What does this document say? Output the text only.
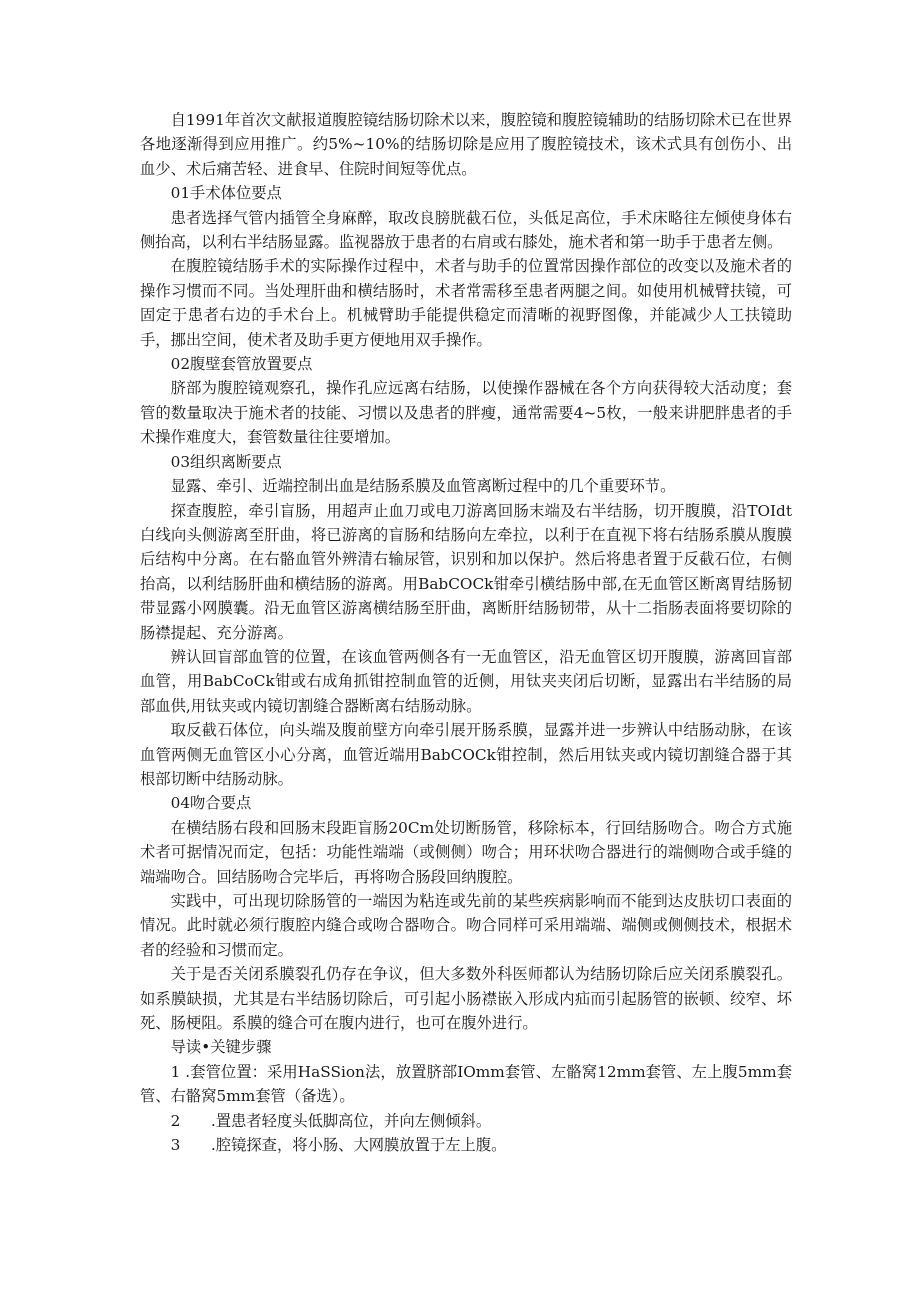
自1991年首次文献报道腹腔镜结肠切除术以来，腹腔镜和腹腔镜辅助的结肠切除术已在世界各地逐渐得到应用推广。约5%~10%的结肠切除是应用了腹腔镜技术，该术式具有创伤小、出血少、术后痛苦轻、进食早、住院时间短等优点。

01手术体位要点

患者选择气管内插管全身麻醉，取改良膀胱截石位，头低足高位，手术床略往左倾使身体右侧抬高，以利右半结肠显露。监视器放于患者的右肩或右膝处，施术者和第一助手于患者左侧。

在腹腔镜结肠手术的实际操作过程中，术者与助手的位置常因操作部位的改变以及施术者的操作习惯而不同。当处理肝曲和横结肠时，术者常需移至患者两腿之间。如使用机械臂扶镜，可固定于患者右边的手术台上。机械臂助手能提供稳定而清晰的视野图像，并能减少人工扶镜助手，挪出空间，使术者及助手更方便地用双手操作。

02腹壁套管放置要点

脐部为腹腔镜观察孔，操作孔应远离右结肠，以使操作器械在各个方向获得较大活动度；套管的数量取决于施术者的技能、习惯以及患者的胖瘦，通常需要4~5枚，一般来讲肥胖患者的手术操作难度大，套管数量往往要增加。

03组织离断要点

显露、牵引、近端控制出血是结肠系膜及血管离断过程中的几个重要环节。

探查腹腔，牵引盲肠，用超声止血刀或电刀游离回肠末端及右半结肠，切开腹膜，沿TOIdt白线向头侧游离至肝曲，将已游离的盲肠和结肠向左牵拉，以利于在直视下将右结肠系膜从腹膜后结构中分离。在右骼血管外辨清右输尿管，识别和加以保护。然后将患者置于反截石位，右侧抬高，以利结肠肝曲和横结肠的游离。用BabCOCk钳牵引横结肠中部,在无血管区断离胃结肠韧带显露小网膜囊。沿无血管区游离横结肠至肝曲，离断肝结肠韧带，从十二指肠表面将要切除的肠襟提起、充分游离。

辨认回盲部血管的位置，在该血管两侧各有一无血管区，沿无血管区切开腹膜，游离回盲部血管，用BabCoCk钳或右成角抓钳控制血管的近侧，用钛夹夹闭后切断，显露出右半结肠的局部血供,用钛夹或内镜切割缝合器断离右结肠动脉。

取反截石体位，向头端及腹前壁方向牵引展开肠系膜，显露并进一步辨认中结肠动脉，在该血管两侧无血管区小心分离，血管近端用BabCOCk钳控制，然后用钛夹或内镜切割缝合器于其根部切断中结肠动脉。

04吻合要点

在横结肠右段和回肠末段距盲肠20Cm处切断肠管，移除标本，行回结肠吻合。吻合方式施术者可据情况而定，包括：功能性端端（或侧侧）吻合；用环状吻合器进行的端侧吻合或手缝的端端吻合。回结肠吻合完毕后，再将吻合肠段回纳腹腔。

实践中，可出现切除肠管的一端因为粘连或先前的某些疾病影响而不能到达皮肤切口表面的情况。此时就必须行腹腔内缝合或吻合器吻合。吻合同样可采用端端、端侧或侧侧技术，根据术者的经验和习惯而定。

关于是否关闭系膜裂孔仍存在争议，但大多数外科医师都认为结肠切除后应关闭系膜裂孔。如系膜缺损，尤其是右半结肠切除后，可引起小肠襟嵌入形成内疝而引起肠管的嵌顿、绞窄、坏死、肠梗阻。系膜的缝合可在腹内进行，也可在腹外进行。

导读•关键步骤

1 .套管位置：采用HaSSion法，放置脐部IOmm套管、左骼窝12mm套管、左上腹5mm套管、右骼窝5mm套管（备选）。

2　　.置患者轻度头低脚高位，并向左侧倾斜。

3　　.腔镜探查，将小肠、大网膜放置于左上腹。
